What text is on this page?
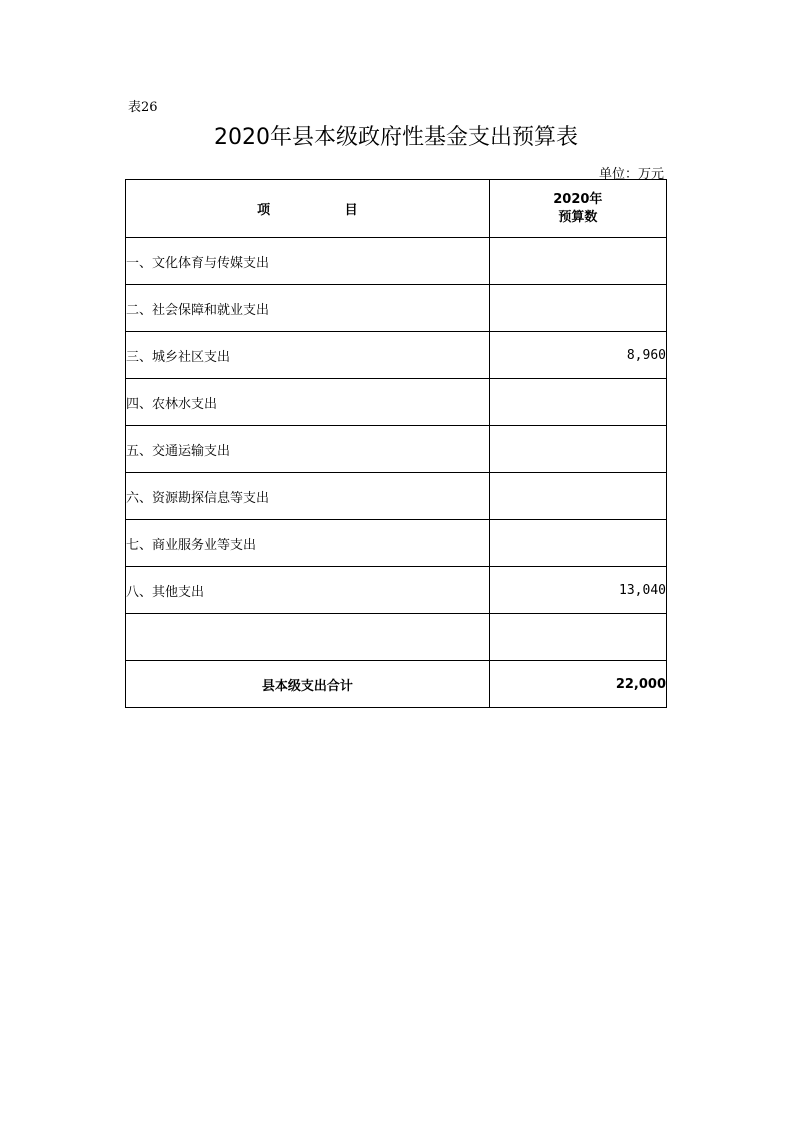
表26
2020年县本级政府性基金支出预算表
单位：万元
项 目	2020年
预算数

一、文化体育与传媒支出	
二、社会保障和就业支出	
三、城乡社区支出	8,960
四、农林水支出	
五、交通运输支出	
六、资源勘探信息等支出	
七、商业服务业等支出	
八、其他支出	13,040

县本级支出合计	22,000
